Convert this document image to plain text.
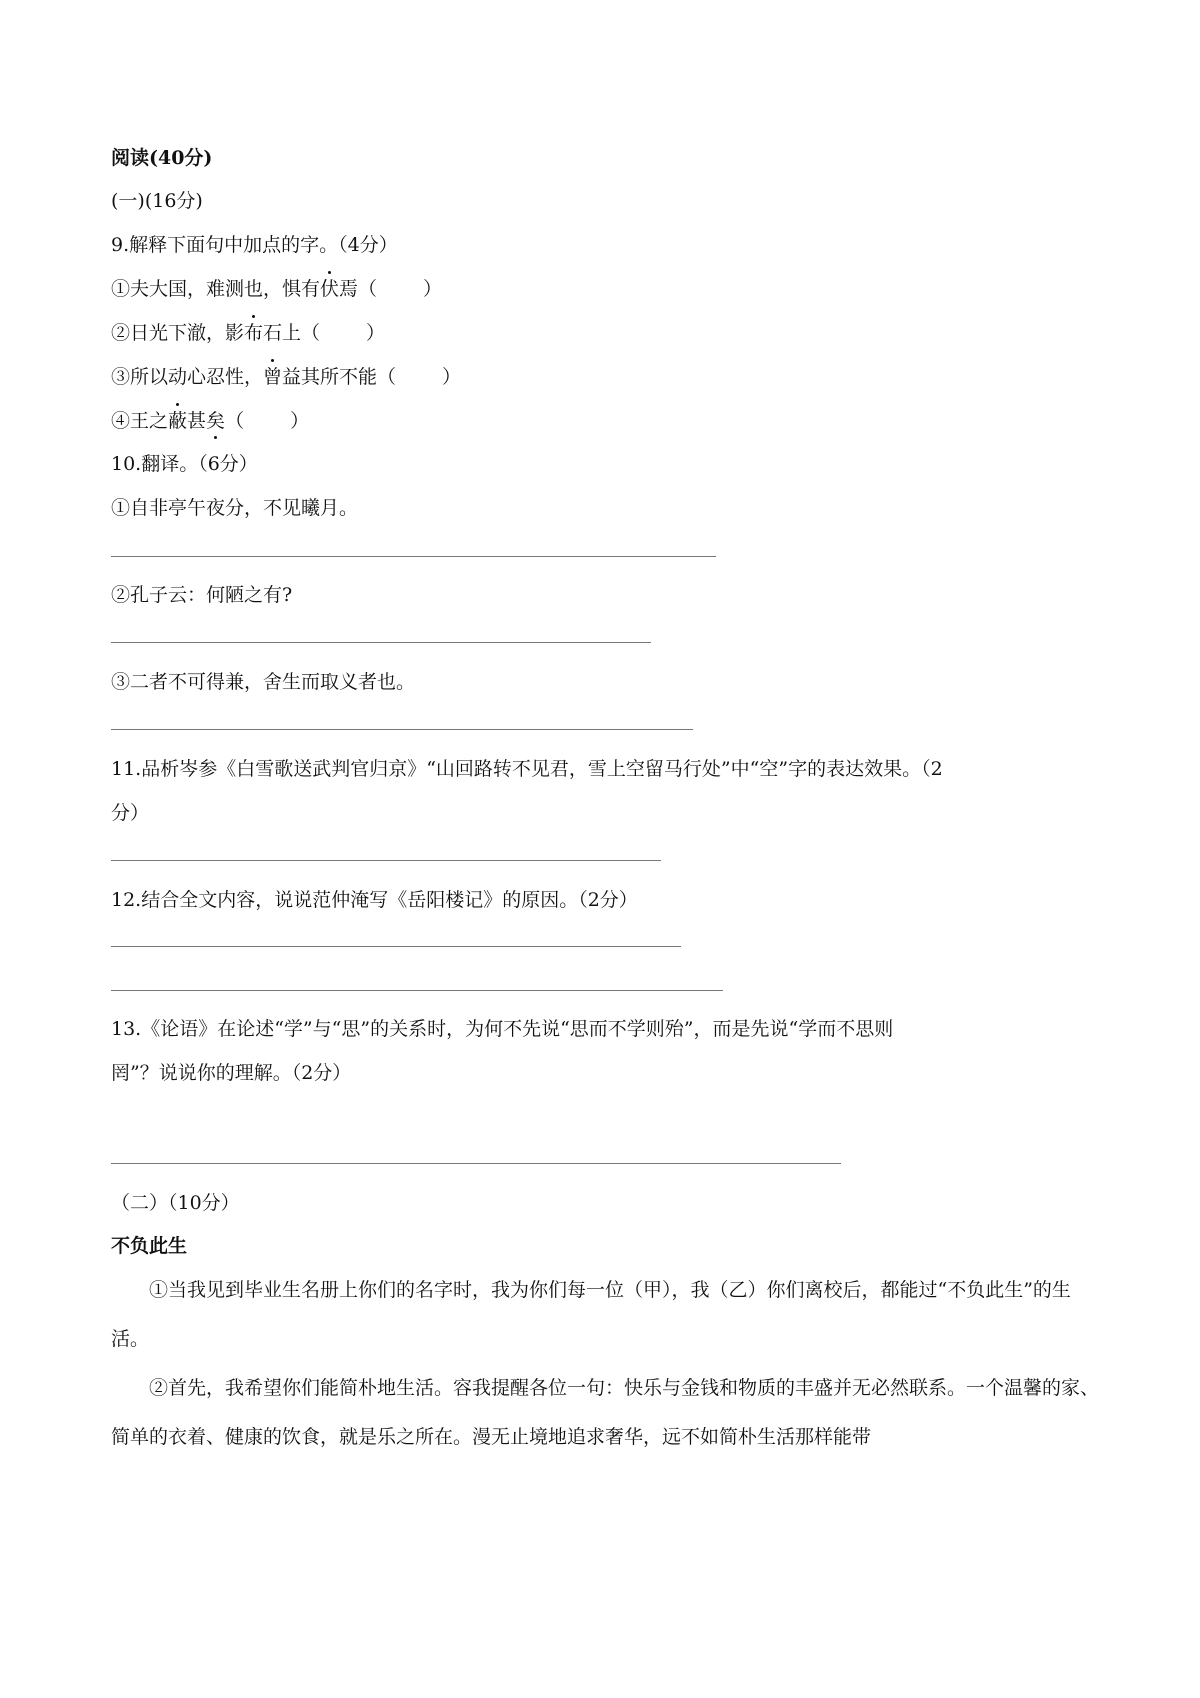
阅读(40分)
(一)(16分)
9.解释下面句中加点的字。（4分）
①夫大国，难测也，惧有伏焉（ ）
②日光下澈，影布石上（ ）
③所以动心忍性，曾益其所不能（ ）
④王之蔽甚矣（ ）
10.翻译。（6分）
①自非亭午夜分，不见曦月。
②孔子云：何陋之有?
③二者不可得兼，舍生而取义者也。
11.品析岑参《白雪歌送武判官归京》“山回路转不见君，雪上空留马行处”中“空”字的表达效果。（2
分）
12.结合全文内容，说说范仲淹写《岳阳楼记》的原因。（2分）
13.《论语》在论述“学”与“思”的关系时，为何不先说“思而不学则殆”，而是先说“学而不思则
罔”？说说你的理解。（2分）
（二）（10分）
不负此生
①当我见到毕业生名册上你们的名字时，我为你们每一位（甲），我（乙）你们离校后，都能过“不负此生”的生活。
②首先，我希望你们能简朴地生活。容我提醒各位一句：快乐与金钱和物质的丰盛并无必然联系。一个温馨的家、简单的衣着、健康的饮食，就是乐之所在。漫无止境地追求奢华，远不如简朴生活那样能带
